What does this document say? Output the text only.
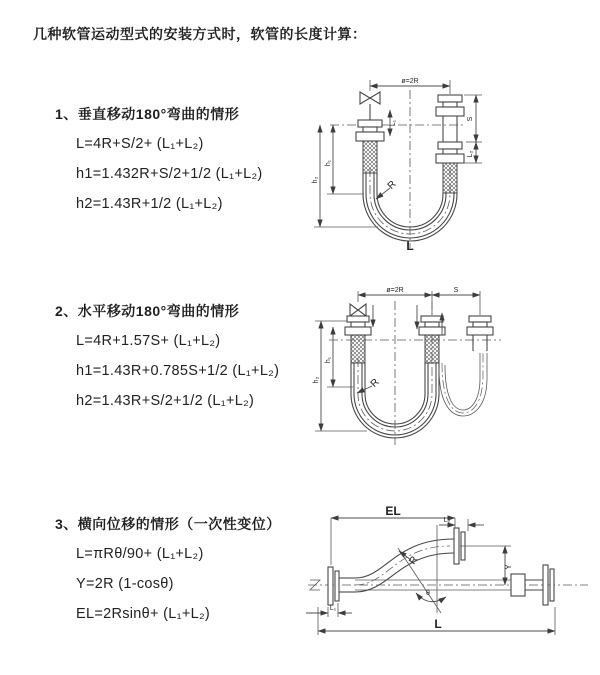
几种软管运动型式的安装方式时，软管的长度计算：
1、垂直移动180°弯曲的情形
L=4R+S/2+ (L₁+L₂)
h1=1.432R+S/2+1/2 (L₁+L₂)
h2=1.43R+1/2 (L₁+L₂)
2、水平移动180°弯曲的情形
L=4R+1.57S+ (L₁+L₂)
h1=1.43R+0.785S+1/2 (L₁+L₂)
h2=1.43R+S/2+1/2 (L₁+L₂)
3、横向位移的情形（一次性变位）
L=πRθ/90+ (L₁+L₂)
Y=2R (1-cosθ)
EL=2Rsinθ+ (L₁+L₂)
ø=2R
h₂
h₁
L₁
S
L₂
R
L
ø=2R	S
h₂
h₁
R
θ
R
EL
L₂
Y
L
L₁
